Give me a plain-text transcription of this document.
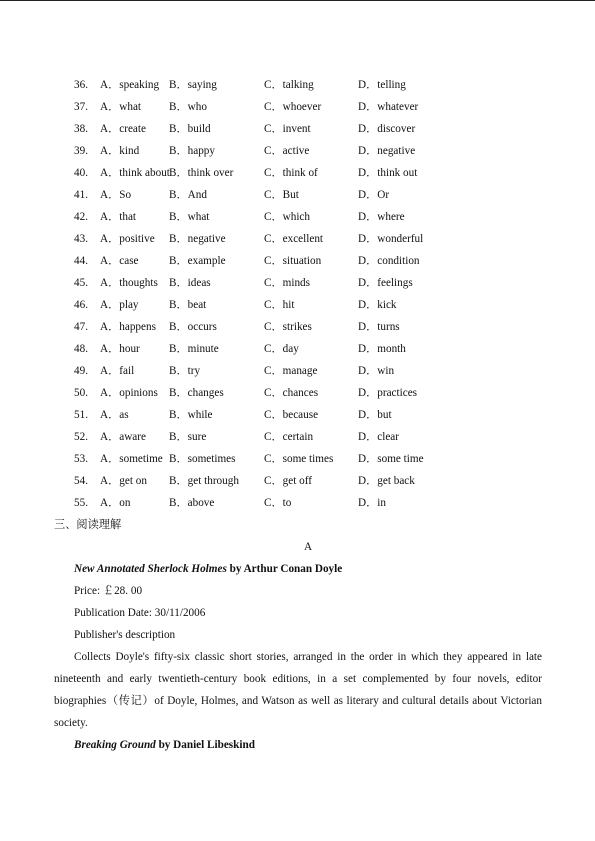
36. A．speaking B．saying	C．talking	D．telling
37. A．what B．who	C．whoever	D．whatever
38. A．create B．build	C．invent	D．discover
39. A．kind	B．happy	C．active	D．negative
40. A．think about B．think over	C．think of	D．think out
41. A．So	B．And	C．But	D．Or
42. A．that	B．what	C．which	D．where
43. A．positive B．negative	C．excellent	D．wonderful
44. A．case	B．example	C．situation	D．condition
45. A．thoughts B．ideas	C．minds	D．feelings
46. A．play	B．beat	C．hit	D．kick
47. A．happens B．occurs	C．strikes	D．turns
48. A．hour	B．minute	C．day	D．month
49. A．fail	B．try	C．manage	D．win
50. A．opinions B．changes	C．chances	D．practices
51. A．as	B．while	C．because	D．but
52. A．aware B．sure	C．certain	D．clear
53. A．sometime B．sometimes	C．some times D．some time
54. A．get on B．get through C．get off	D．get back
55. A．on	B．above	C．to	D．in
三、阅读理解
A
New Annotated Sherlock Holmes by Arthur Conan Doyle
Price: ￡28. 00
Publication Date: 30/11/2006
Publisher's description

Collects Doyle's fifty-six classic short stories, arranged in the order in which they appeared in late nineteenth and early twentieth-century book editions, in a set complemented by four novels, editor biographies（传记）of Doyle, Holmes, and Watson as well as literary and cultural details about Victorian society.

Breaking Ground by Daniel Libeskind
